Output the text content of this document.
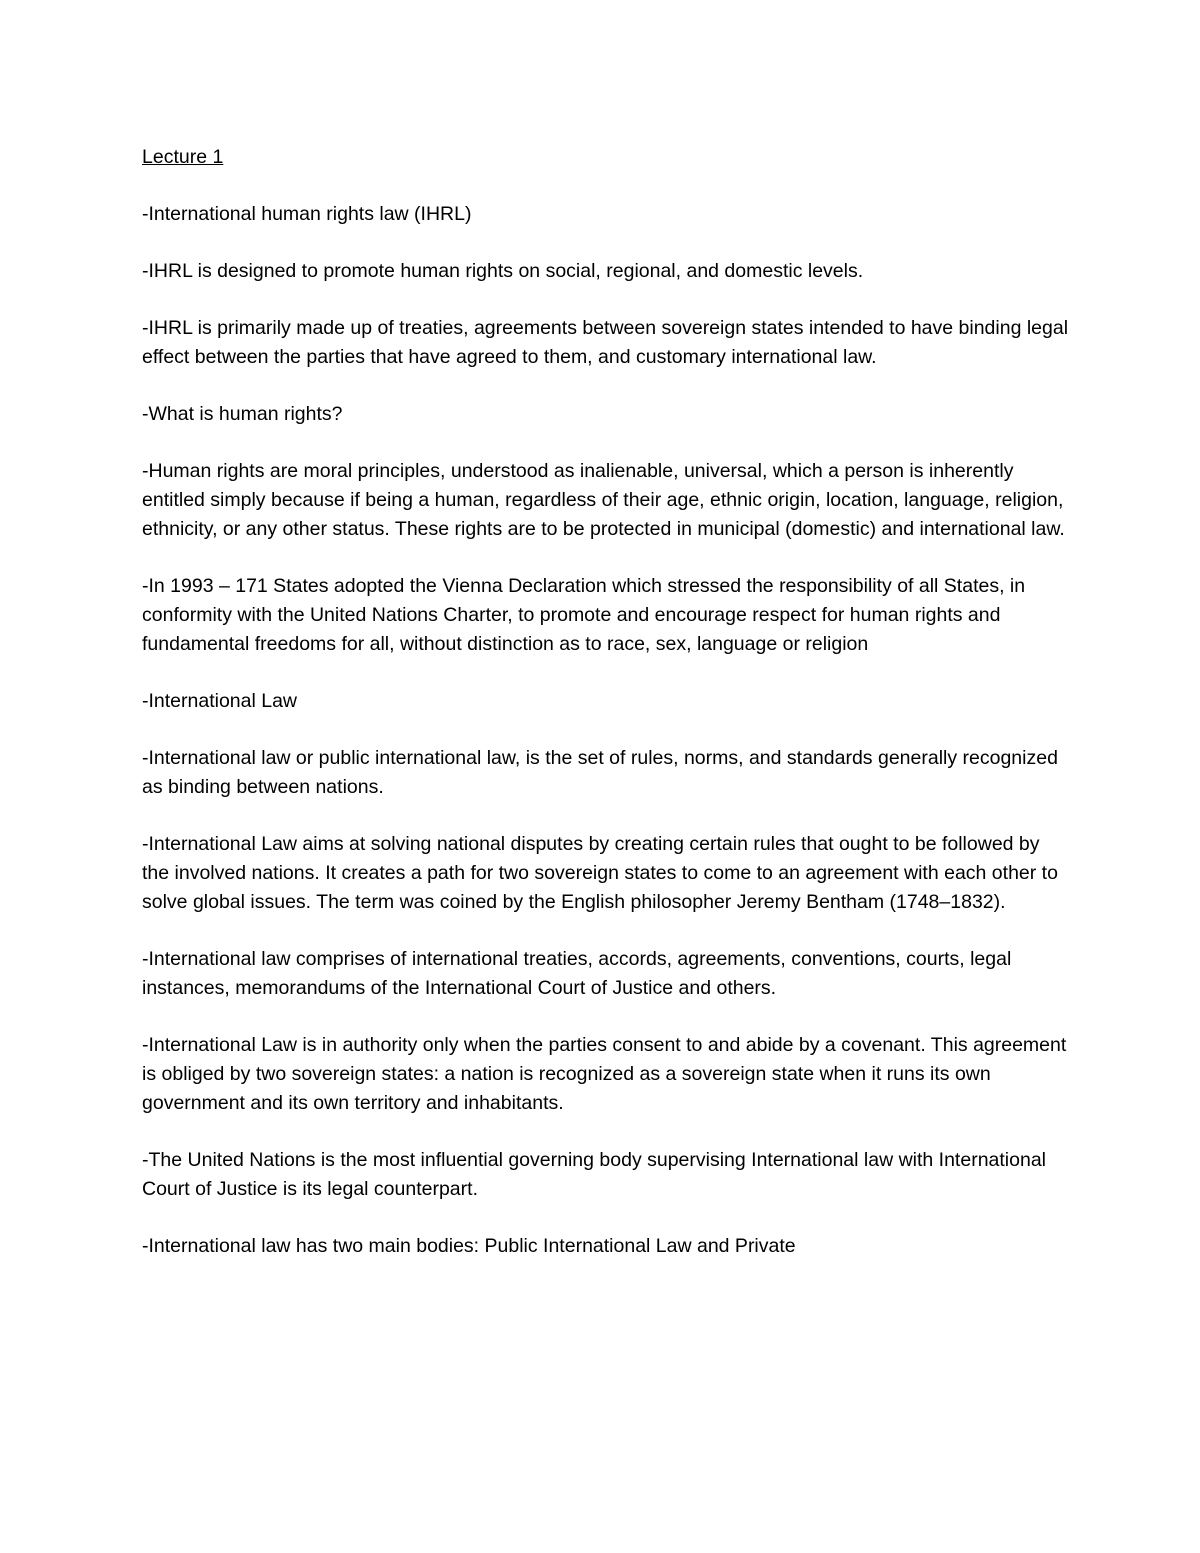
Lecture 1

-International human rights law (IHRL)

-IHRL is designed to promote human rights on social, regional, and domestic levels.

-IHRL is primarily made up of treaties, agreements between sovereign states intended to have binding legal effect between the parties that have agreed to them, and customary international law.

-What is human rights?

-Human rights are moral principles, understood as inalienable, universal, which a person is inherently entitled simply because if being a human, regardless of their age, ethnic origin, location, language, religion, ethnicity, or any other status. These rights are to be protected in municipal (domestic) and international law.

-In 1993 – 171 States adopted the Vienna Declaration which stressed the responsibility of all States, in conformity with the United Nations Charter, to promote and encourage respect for human rights and fundamental freedoms for all, without distinction as to race, sex, language or religion

-International Law

-International law or public international law, is the set of rules, norms, and standards generally recognized as binding between nations.

-International Law aims at solving national disputes by creating certain rules that ought to be followed by the involved nations. It creates a path for two sovereign states to come to an agreement with each other to solve global issues. The term was coined by the English philosopher Jeremy Bentham (1748–1832).

-International law comprises of international treaties, accords, agreements, conventions, courts, legal instances, memorandums of the International Court of Justice and others.

-International Law is in authority only when the parties consent to and abide by a covenant. This agreement is obliged by two sovereign states: a nation is recognized as a sovereign state when it runs its own government and its own territory and inhabitants.

-The United Nations is the most influential governing body supervising International law with International Court of Justice is its legal counterpart.

-International law has two main bodies: Public International Law and Private
